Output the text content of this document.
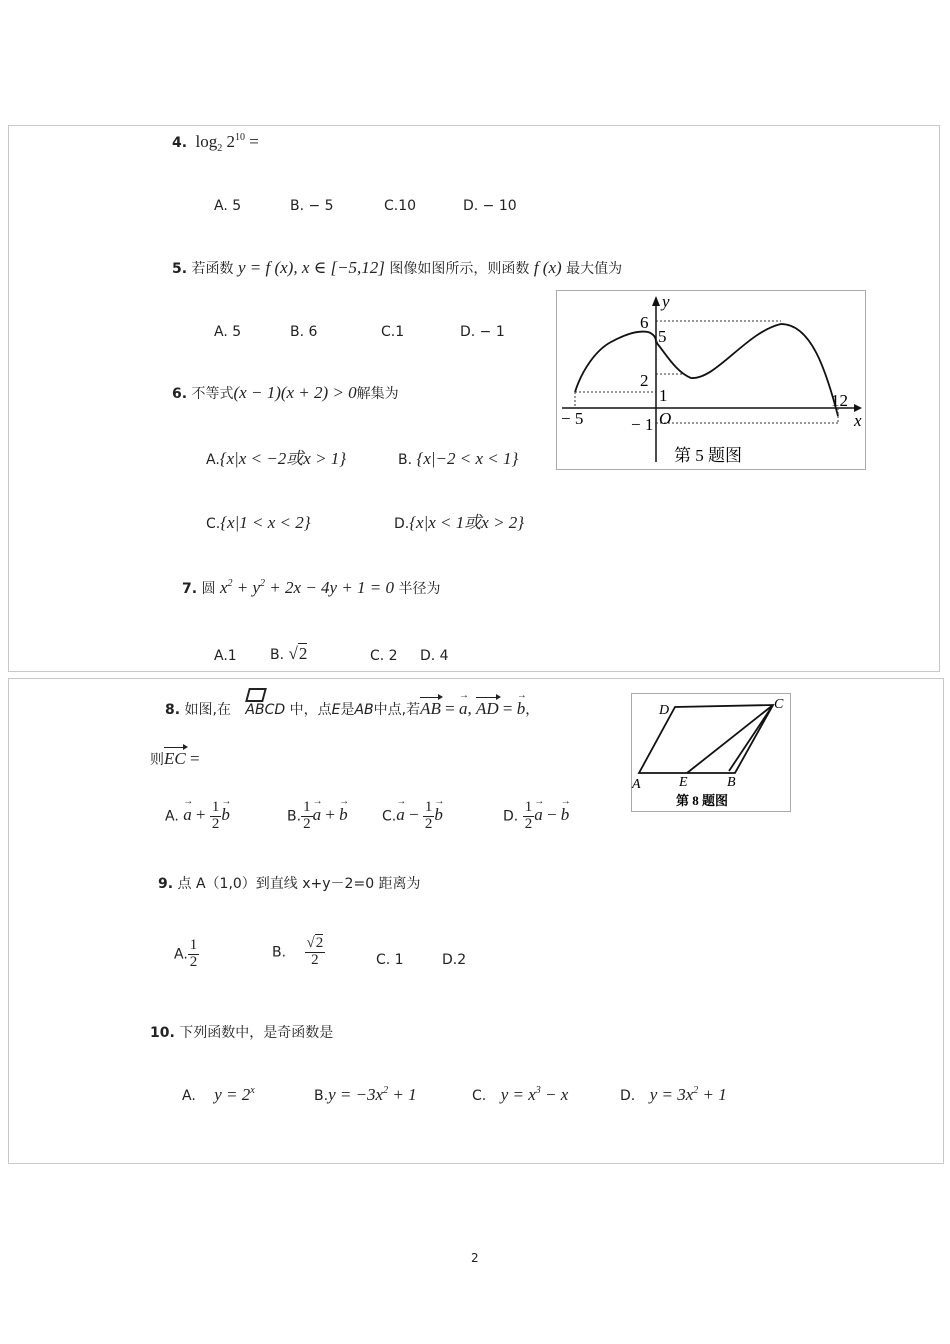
4. $\log_2 2^{10}$ =
A. 5	B. − 5	C.10	D. − 10
5. 若函数 y = f (x), x ∈ [−5,12] 图像如图所示，则函数 f (x) 最大值为
A. 5	B. 6	C.1	D. − 1
y
x
6
5
2
1
O
− 1
− 5
12
第 5 题图
6. 不等式(x − 1)(x + 2) > 0解集为
A.{x|x < −2或x > 1}	B. {x|−2 < x < 1}
C.{x|1 < x < 2}	D.{x|x < 1或x > 2}
7. 圆 $x^2 + y^2 + 2x - 4y + 1 = 0$ 半径为
A.1 B. √2	C. 2 D. 4
8. 如图,在 ABCD 中，点E是AB中点,若AB = → a, AD = → b，
则EC =
A. → $a + \frac{1}{2}$
→ b	B. $\frac{1}{2}$
→ a + → b $C.\to a - \frac{1}{2}$
→ b	D. $\frac{1}{2}$
→ a − → b
D	C
A	E	B
第 8 题图
9. 点 A（1,0）到直线 x+y－2=0 距离为
A. $\frac{1}{2}$	B. $\frac{√2}{2}$	C. 1	D.2
10. 下列函数中，是奇函数是
A. $y = 2^x$	$B.y = -3x^2 + 1$	C. $y = x^3 - x$	D. $y = 3x^2 + 1$
2
